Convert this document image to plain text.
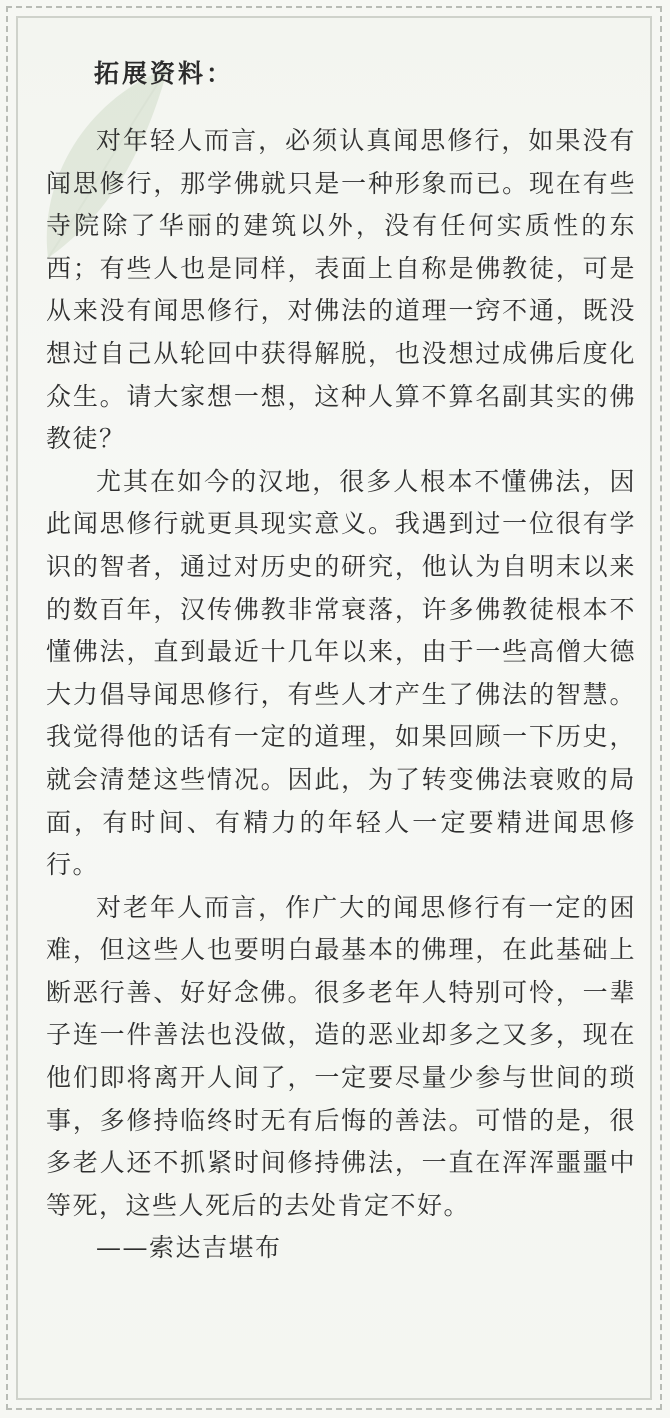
拓展资料：

对年轻人而言，必须认真闻思修行，如果没有闻思修行，那学佛就只是一种形象而已。现在有些寺院除了华丽的建筑以外，没有任何实质性的东西；有些人也是同样，表面上自称是佛教徒，可是从来没有闻思修行，对佛法的道理一窍不通，既没想过自己从轮回中获得解脱，也没想过成佛后度化众生。请大家想一想，这种人算不算名副其实的佛教徒？

尤其在如今的汉地，很多人根本不懂佛法，因此闻思修行就更具现实意义。我遇到过一位很有学识的智者，通过对历史的研究，他认为自明末以来的数百年，汉传佛教非常衰落，许多佛教徒根本不懂佛法，直到最近十几年以来，由于一些高僧大德大力倡导闻思修行，有些人才产生了佛法的智慧。我觉得他的话有一定的道理，如果回顾一下历史，就会清楚这些情况。因此，为了转变佛法衰败的局面，有时间、有精力的年轻人一定要精进闻思修行。

对老年人而言，作广大的闻思修行有一定的困难，但这些人也要明白最基本的佛理，在此基础上断恶行善、好好念佛。很多老年人特别可怜，一辈子连一件善法也没做，造的恶业却多之又多，现在他们即将离开人间了，一定要尽量少参与世间的琐事，多修持临终时无有后悔的善法。可惜的是，很多老人还不抓紧时间修持佛法，一直在浑浑噩噩中等死，这些人死后的去处肯定不好。

——索达吉堪布
